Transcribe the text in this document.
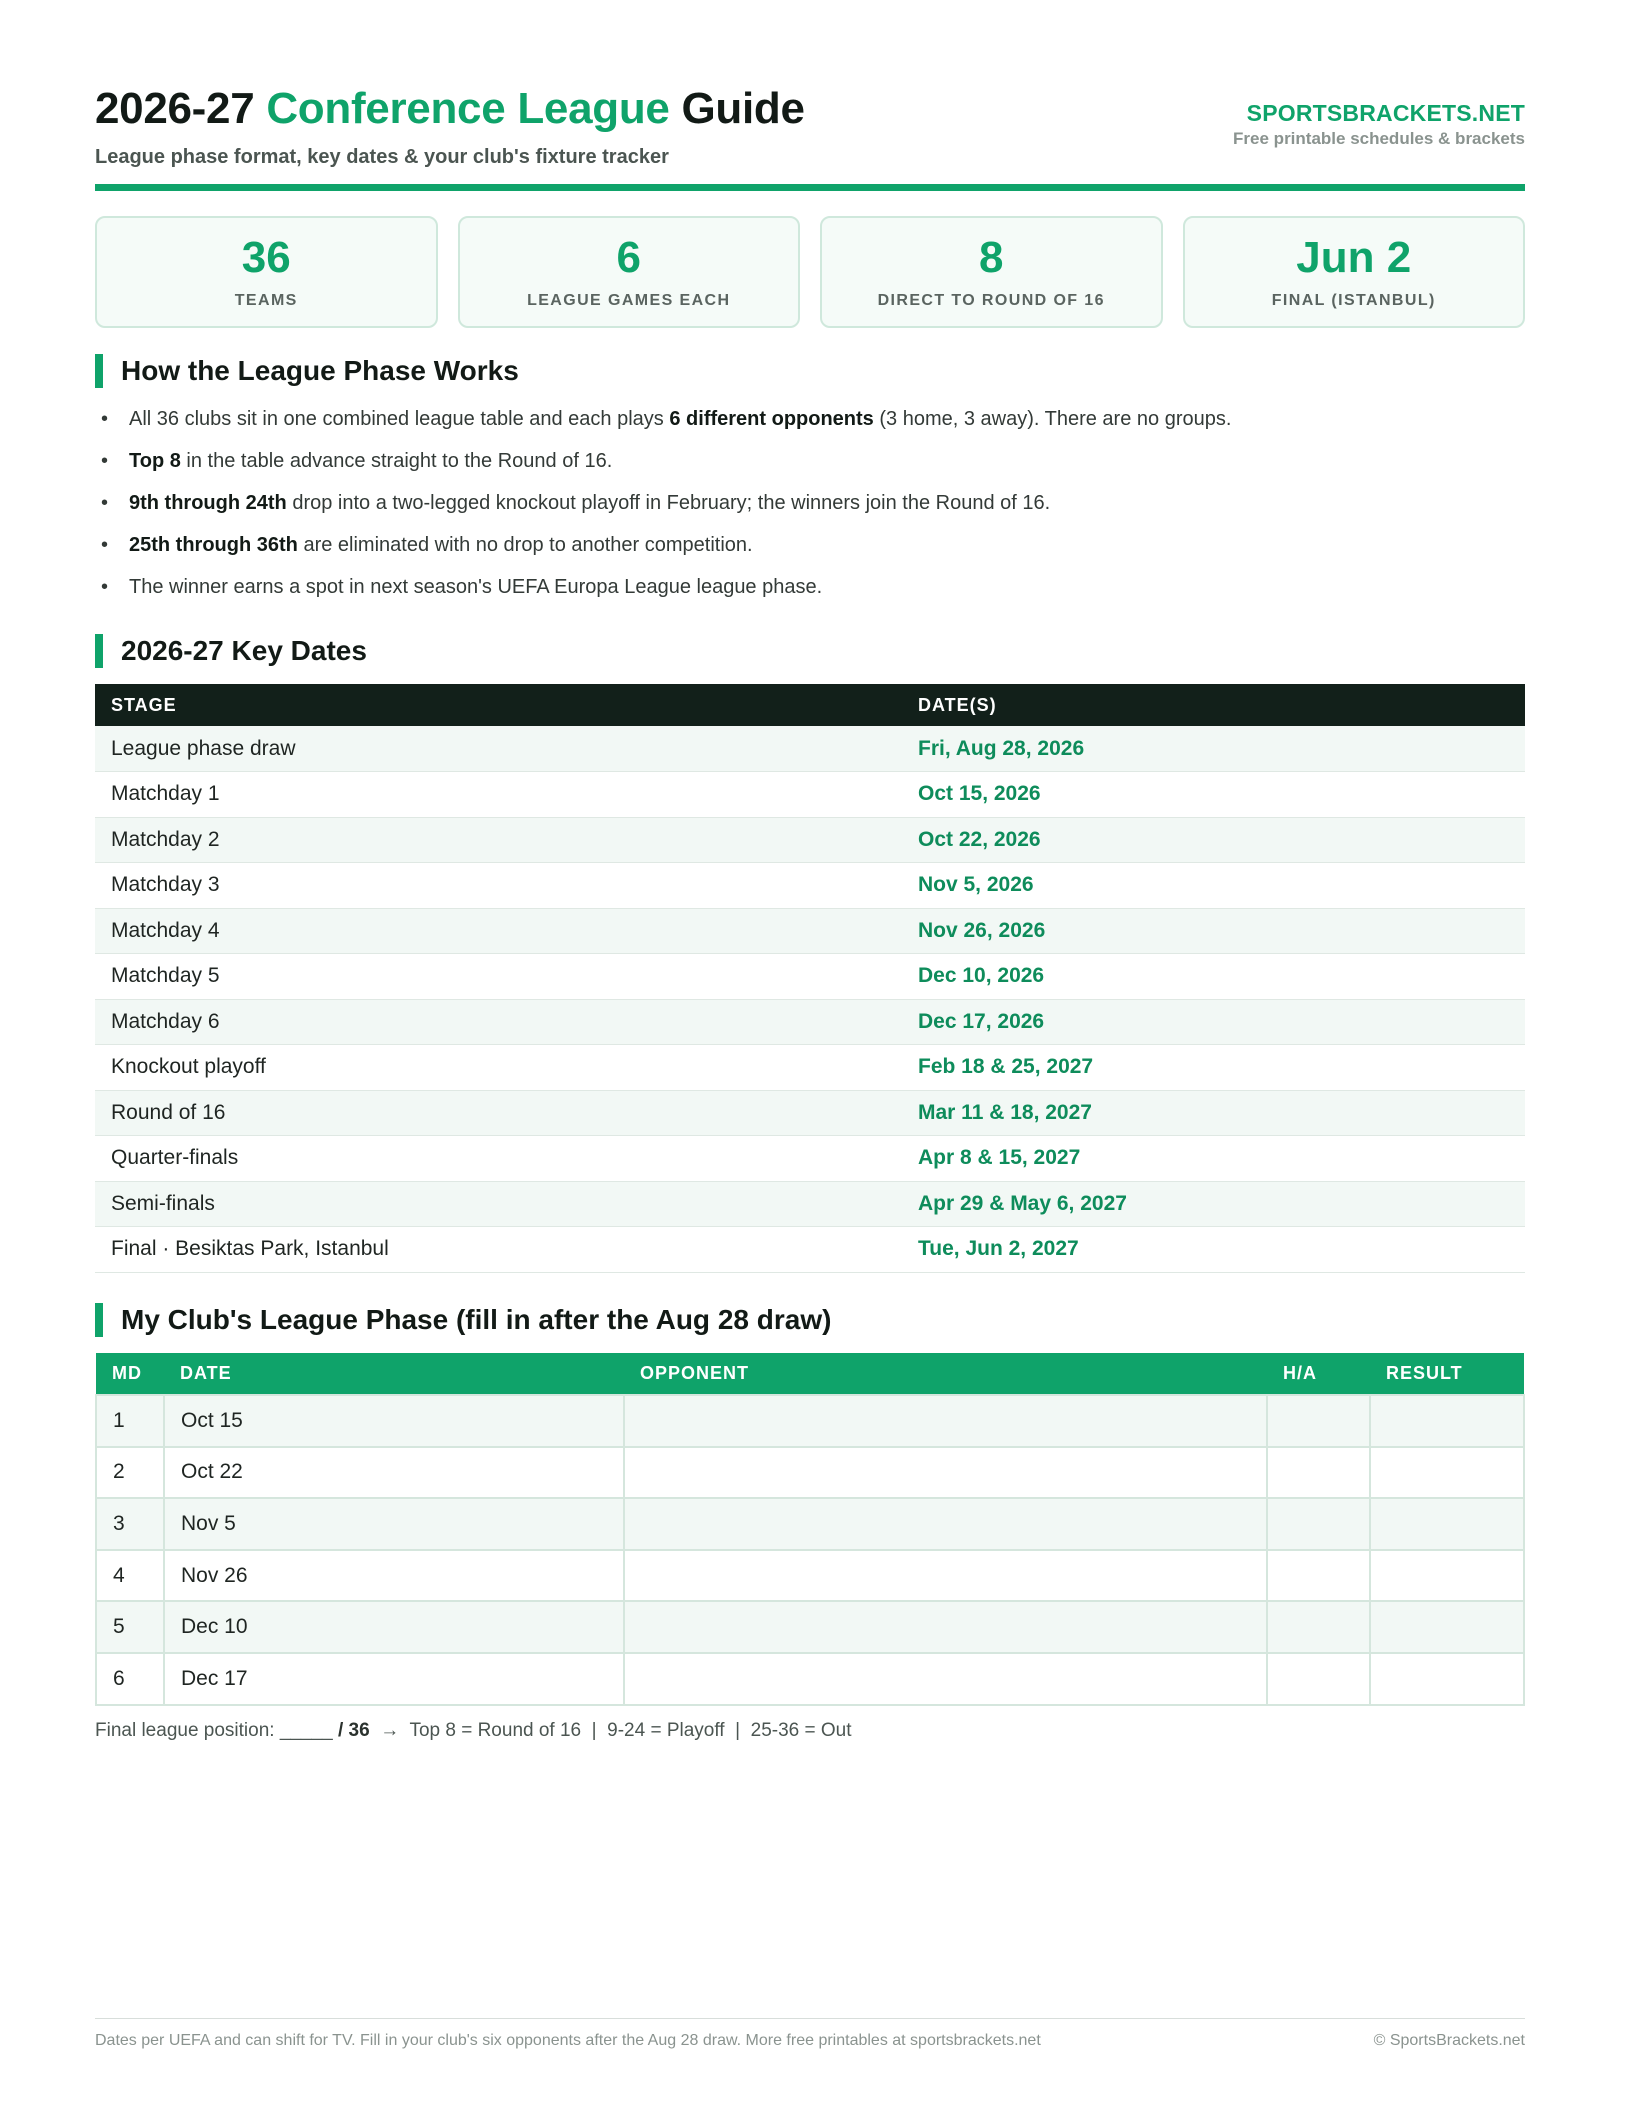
2026-27 Conference League Guide
League phase format, key dates & your club's fixture tracker
SPORTSBRACKETS.NET
Free printable schedules & brackets
36
TEAMS
6
LEAGUE GAMES EACH
8
DIRECT TO ROUND OF 16
Jun 2
FINAL (ISTANBUL)
How the League Phase Works
• All 36 clubs sit in one combined league table and each plays 6 different opponents (3 home, 3 away). There are no groups.
• Top 8 in the table advance straight to the Round of 16.
• 9th through 24th drop into a two-legged knockout playoff in February; the winners join the Round of 16.
• 25th through 36th are eliminated with no drop to another competition.
• The winner earns a spot in next season's UEFA Europa League league phase.
2026-27 Key Dates
STAGE	DATE(S)
League phase draw	Fri, Aug 28, 2026
Matchday 1	Oct 15, 2026
Matchday 2	Oct 22, 2026
Matchday 3	Nov 5, 2026
Matchday 4	Nov 26, 2026
Matchday 5	Dec 10, 2026
Matchday 6	Dec 17, 2026
Knockout playoff	Feb 18 & 25, 2027
Round of 16	Mar 11 & 18, 2027
Quarter-finals	Apr 8 & 15, 2027
Semi-finals	Apr 29 & May 6, 2027
Final · Besiktas Park, Istanbul	Tue, Jun 2, 2027
My Club's League Phase (fill in after the Aug 28 draw)
MD	DATE	OPPONENT	H/A	RESULT
1	Oct 15			
2	Oct 22			
3	Nov 5			
4	Nov 26			
5	Dec 10			
6	Dec 17			
Final league position: _____ / 36 → Top 8 = Round of 16  |  9-24 = Playoff  |  25-36 = Out
Dates per UEFA and can shift for TV. Fill in your club's six opponents after the Aug 28 draw. More free printables at sportsbrackets.net	© SportsBrackets.net
